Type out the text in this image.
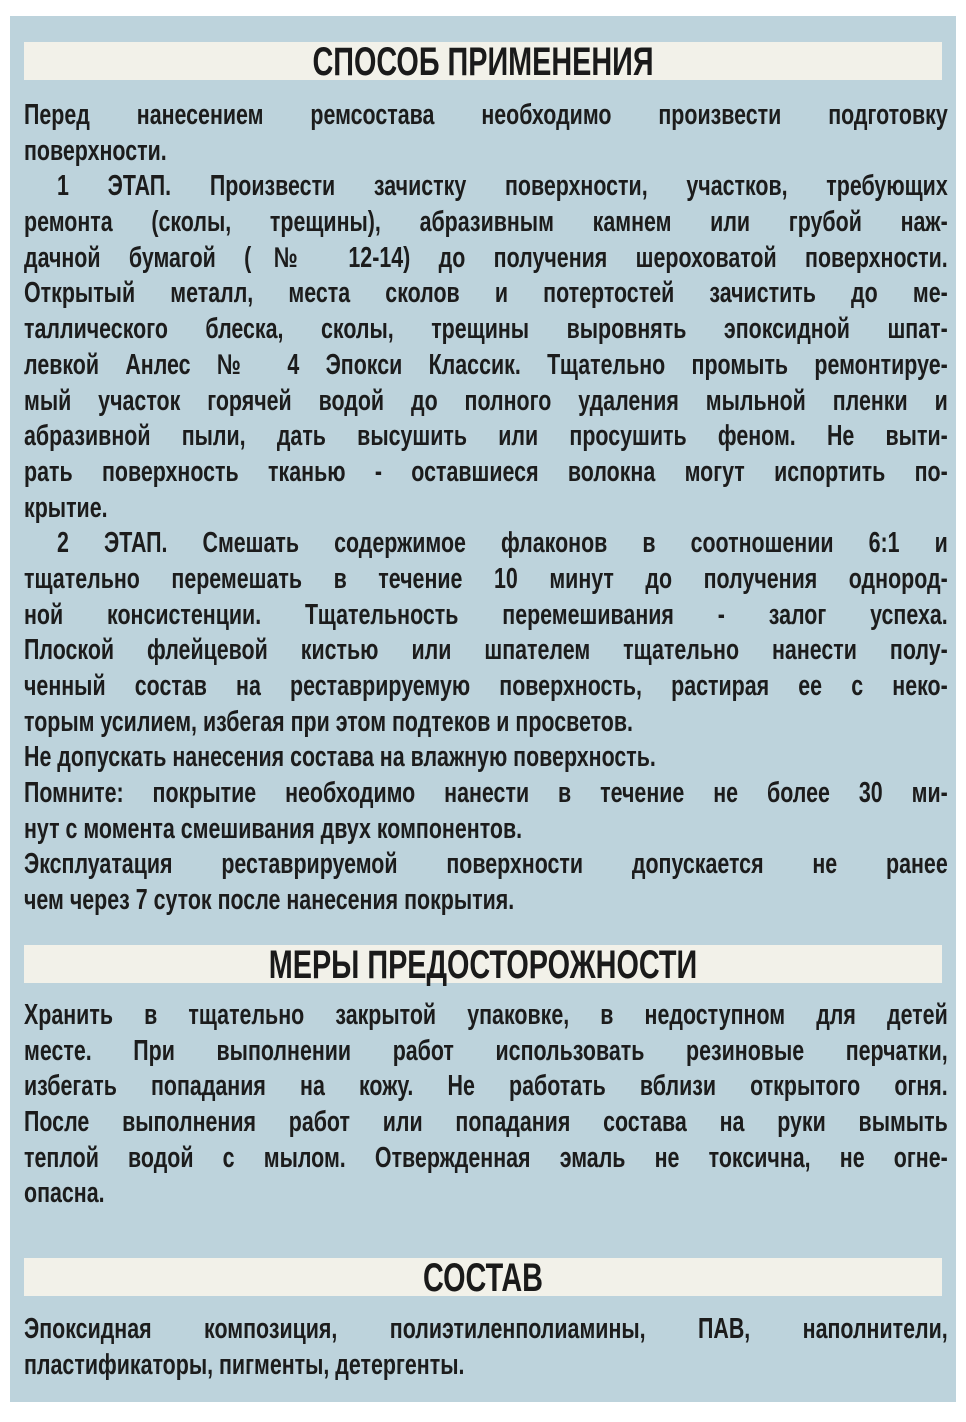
СПОСОБ ПРИМЕНЕНИЯ
Перед нанесением ремсостава необходимо произвести подготовку
поверхности.
1 ЭТАП. Произвести зачистку поверхности, участков, требующих
ремонта (сколы, трещины), абразивным камнем или грубой наж-
дачной бумагой (№ 12-14) до получения шероховатой поверхности.
Открытый металл, места сколов и потертостей зачистить до ме-
таллического блеска, сколы, трещины выровнять эпоксидной шпат-
левкой Анлес № 4 Эпокси Классик. Тщательно промыть ремонтируе-
мый участок горячей водой до полного удаления мыльной пленки и
абразивной пыли, дать высушить или просушить феном. Не выти-
рать поверхность тканью - оставшиеся волокна могут испортить по-
крытие.
2 ЭТАП. Смешать содержимое флаконов в соотношении 6:1 и
тщательно перемешать в течение 10 минут до получения однород-
ной консистенции. Тщательность перемешивания - залог успеха.
Плоской флейцевой кистью или шпателем тщательно нанести полу-
ченный состав на реставрируемую поверхность, растирая ее с неко-
торым усилием, избегая при этом подтеков и просветов.
Не допускать нанесения состава на влажную поверхность.
Помните: покрытие необходимо нанести в течение не более 30 ми-
нут с момента смешивания двух компонентов.
Эксплуатация реставрируемой поверхности допускается не ранее
чем через 7 суток после нанесения покрытия.
МЕРЫ ПРЕДОСТОРОЖНОСТИ
Хранить в тщательно закрытой упаковке, в недоступном для детей
месте. При выполнении работ использовать резиновые перчатки,
избегать попадания на кожу. Не работать вблизи открытого огня.
После выполнения работ или попадания состава на руки вымыть
теплой водой с мылом. Отвержденная эмаль не токсична, не огне-
опасна.
СОСТАВ
Эпоксидная композиция, полиэтиленполиамины, ПАВ, наполнители,
пластификаторы, пигменты, детергенты.
